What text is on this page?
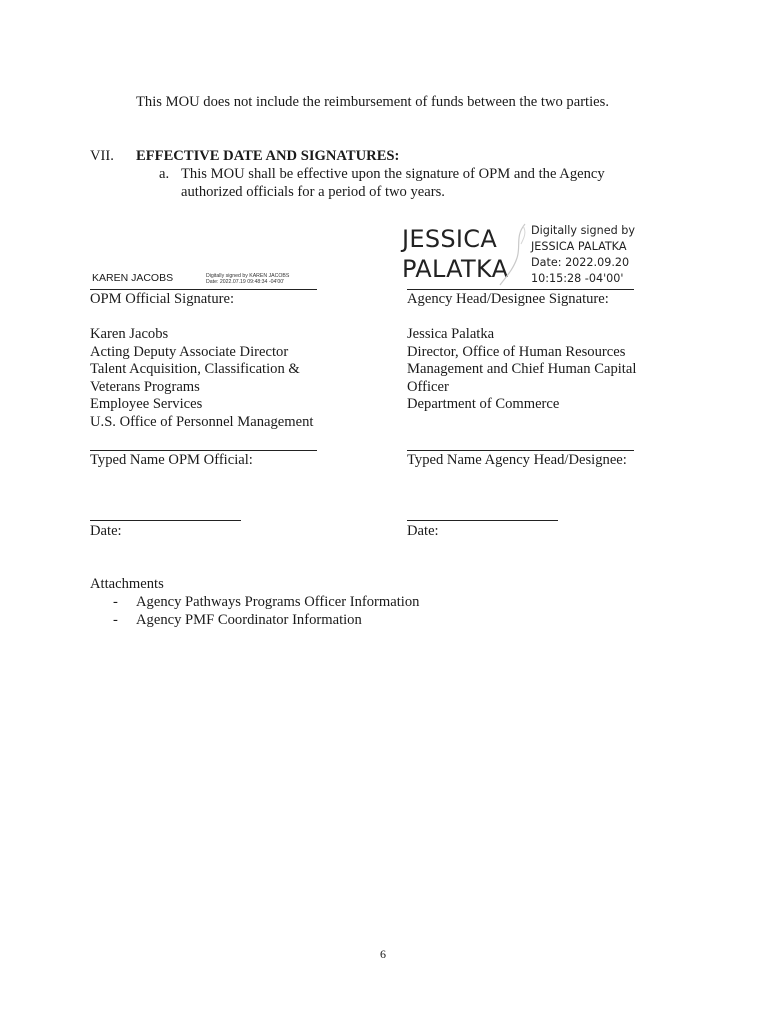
This MOU does not include the reimbursement of funds between the two parties.
VII. EFFECTIVE DATE AND SIGNATURES:
a. This MOU shall be effective upon the signature of OPM and the Agency
authorized officials for a period of two years.
KAREN JACOBS	Digitally signed by KAREN JACOBS
Date: 2022.07.19 09:48:34 -04'00'
JESSICA
PALATKA
Digitally signed by
JESSICA PALATKA
Date: 2022.09.20
10:15:28 -04'00'
OPM Official Signature:	Agency Head/Designee Signature:
Karen Jacobs
Acting Deputy Associate Director
Talent Acquisition, Classification &
Veterans Programs
Employee Services
U.S. Office of Personnel Management
Jessica Palatka
Director, Office of Human Resources
Management and Chief Human Capital
Officer
Department of Commerce
Typed Name OPM Official:	Typed Name Agency Head/Designee:
Date:	Date:
Attachments
- Agency Pathways Programs Officer Information
- Agency PMF Coordinator Information
6
